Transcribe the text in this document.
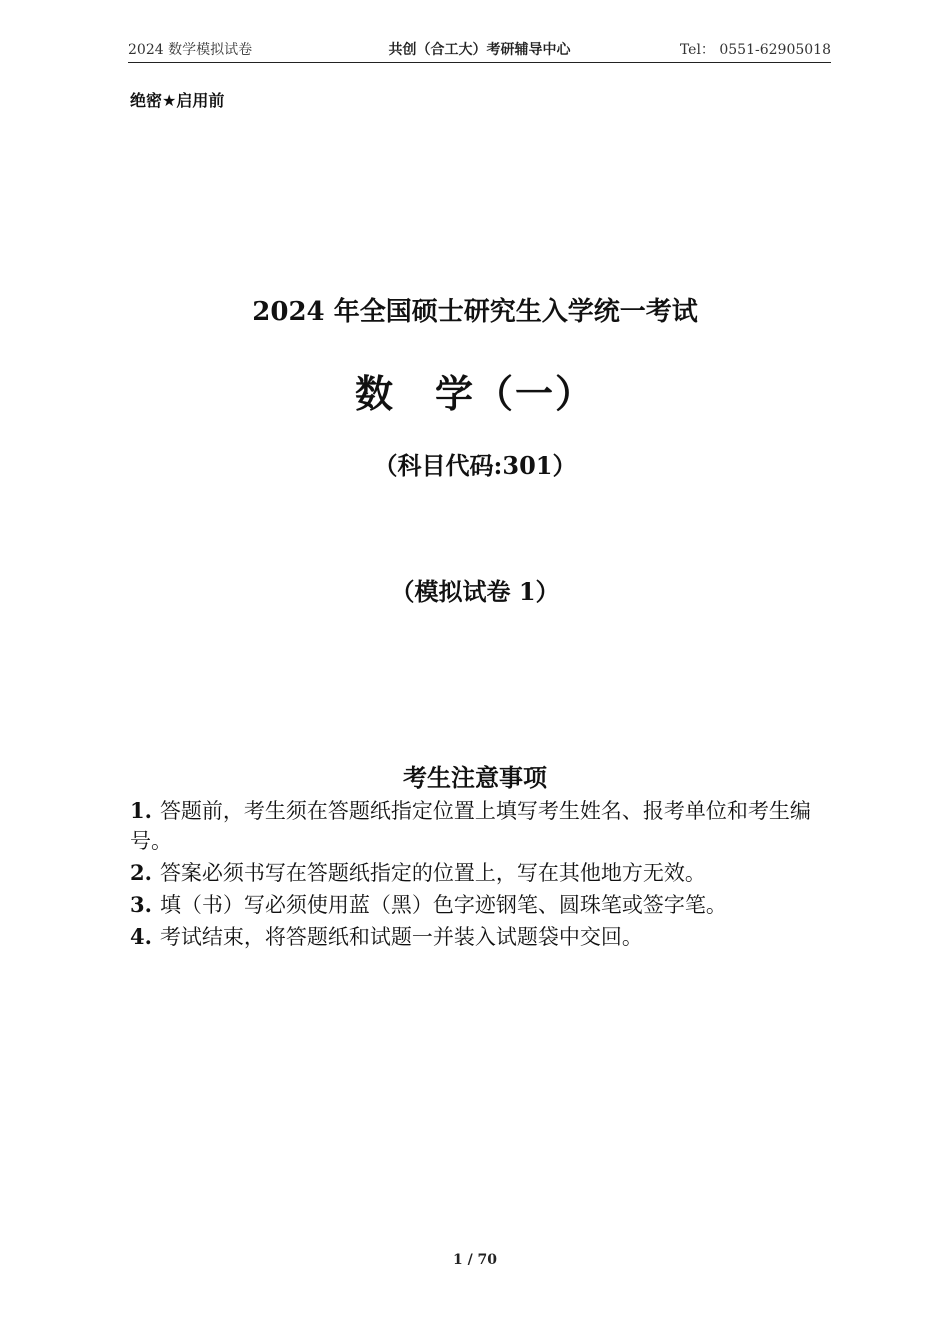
2024 数学模拟试卷	共创（合工大）考研辅导中心	Tel： 0551-62905018
绝密★启用前
2024 年全国硕士研究生入学统一考试
数　学（一）
（科目代码:301）
（模拟试卷 1）
考生注意事项
1. 答题前，考生须在答题纸指定位置上填写考生姓名、报考单位和考生编号。
2. 答案必须书写在答题纸指定的位置上，写在其他地方无效。
3. 填（书）写必须使用蓝（黑）色字迹钢笔、圆珠笔或签字笔。
4. 考试结束，将答题纸和试题一并装入试题袋中交回。
1 / 70
